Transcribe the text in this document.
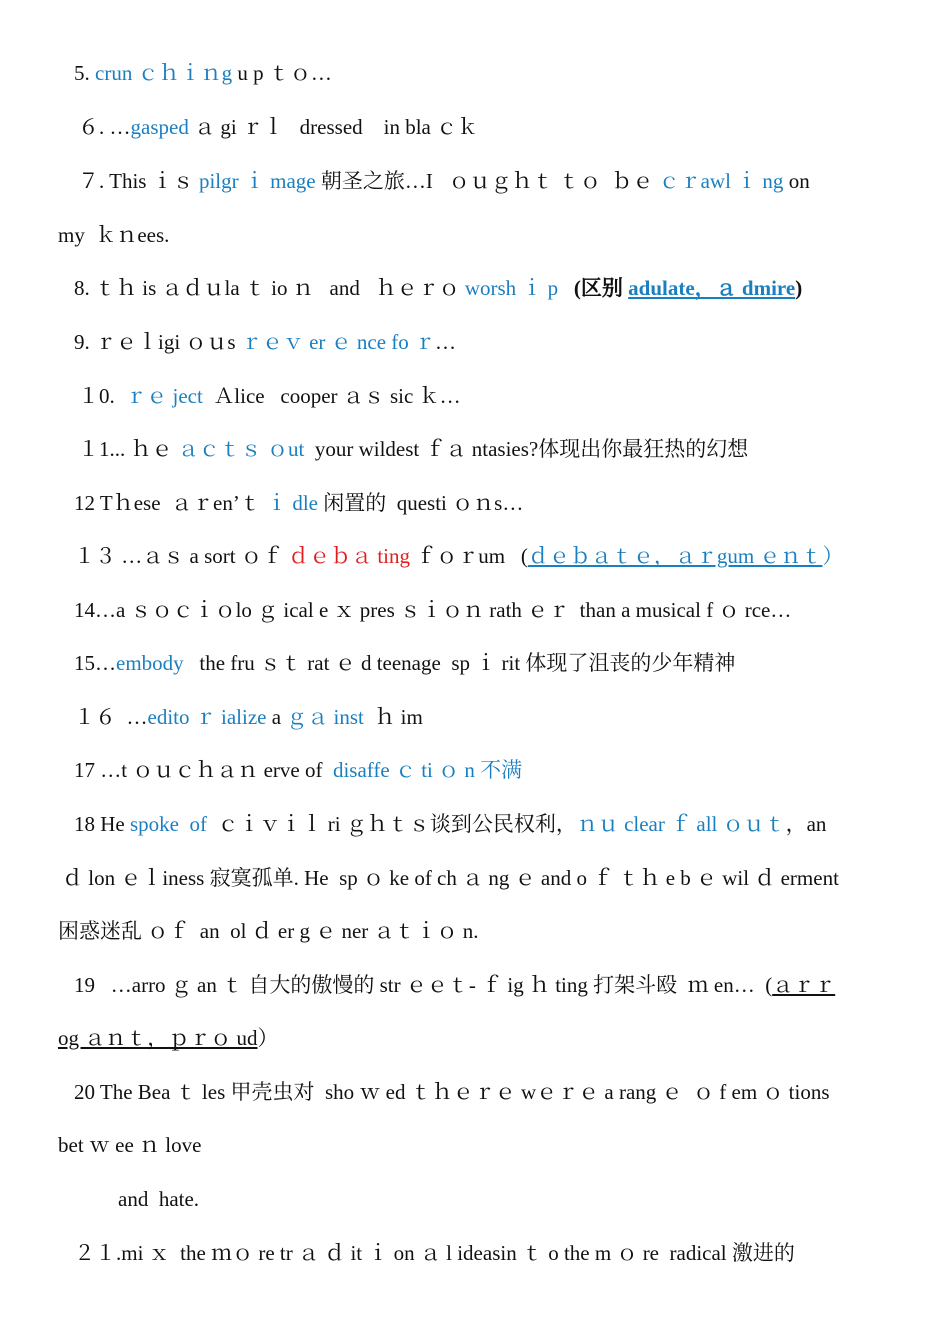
5. crun ｃｈｉｎg u p ｔｏ…
６. …gasped ａ gi ｒｌ   dressed    in bla ｃｋ
７. This ｉｓ pilgr ｉ mage 朝圣之旅…I   ｏｕｇｈｔ ｔｏ  ｂｅ ｃｒawl ｉ ng on
my  ｋｎees.
8. ｔｈ is ａｄｕla ｔ io ｎ   and   ｈｅｒｏ worsh ｉ p   (区别 adulate，ａ dmire)
9. ｒｅｌigi ｏｕs ｒｅｖ er ｅ nce fo ｒ…
１0.  ｒｅ ject  Ａlice   cooper ａｓ sic ｋ…
１1... ｈｅ ａｃｔｓ ｏut  your wildest ｆａ ntasies?体现出你最狂热的幻想
12 Tｈese  ａｒen’ｔ ｉ dle 闲置的  questi ｏｎs…
１３ …ａｓ a sort ｏｆ ｄｅｂａ ting ｆｏｒum   (ｄｅｂａｔｅ，ａｒgum ｅｎｔ）
14…a ｓｏｃｉｏlo ｇ ical e ｘ pres ｓｉｏｎ rath ｅｒ  than a musical f ｏ rce…
15…embody   the fru ｓｔ rat ｅ d teenage  sp ｉ rit 体现了沮丧的少年精神
１６  …edito ｒ ialize a ｇａ inst  ｈ im
17 …t ｏｕｃｈａｎ erve of  disaffe ｃ ti ｏ n 不满
18 He spoke  of  ｃｉｖｉｌ ri ｇｈｔｓ谈到公民权利，ｎｕ clear ｆ all ｏｕｔ，an
ｄ lon ｅｌiness 寂寞孤单. He  sp ｏ ke of ch ａ ng ｅ and o ｆ ｔｈ e b ｅ wil ｄ erment
困惑迷乱 ｏｆ  an  ol ｄ er g ｅ ner ａｔｉｏ n.
19   …arro ｇ an ｔ 自大的傲慢的 str ｅｅｔ- ｆ ig ｈ ting 打架斗殴  ｍ en…  (ａｒｒ
og ａｎｔ，ｐｒｏ ud）
20 The Bea ｔ les 甲壳虫对  sho ｗ ed ｔｈｅｒｅ wｅｒｅ a rang ｅ  ｏ f em ｏ tions
bet ｗ ee ｎ love
and  hate.
２１.mi ｘ  the ｍｏ re tr ａ ｄ it ｉ on ａ l ideasin ｔ o the m ｏ re  radical 激进的
